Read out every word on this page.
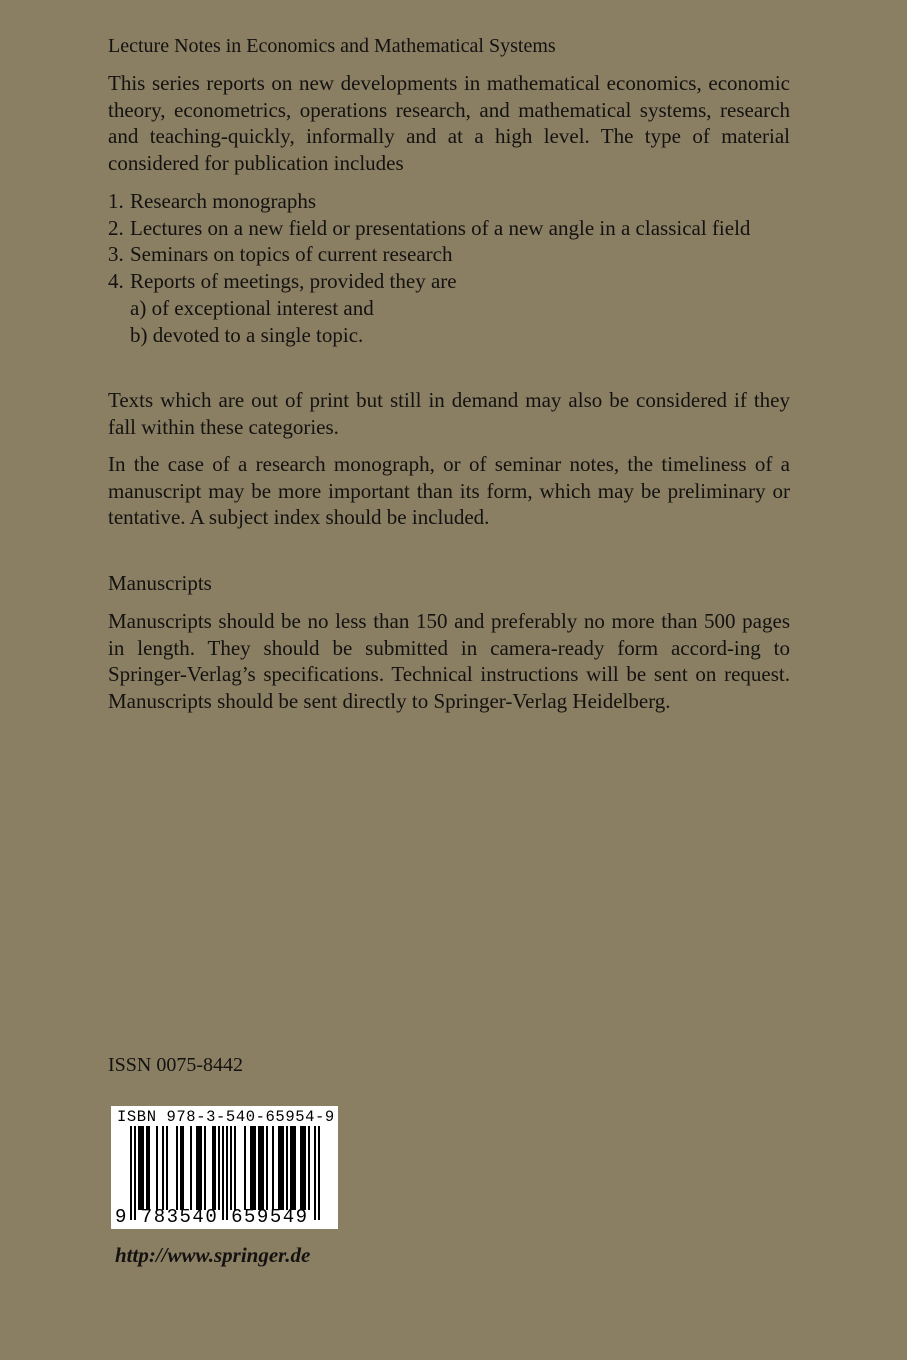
Lecture Notes in Economics and Mathematical Systems
This series reports on new developments in mathematical economics, economic theory, econometrics, operations research, and mathematical systems, research and teaching-quickly, informally and at a high level. The type of material considered for publication includes
1. Research monographs
2. Lectures on a new field or presentations of a new angle in a classical field
3. Seminars on topics of current research
4. Reports of meetings, provided they are
a) of exceptional interest and
b) devoted to a single topic.
Texts which are out of print but still in demand may also be considered if they fall within these categories.
In the case of a research monograph, or of seminar notes, the timeliness of a manuscript may be more important than its form, which may be preliminary or tentative. A subject index should be included.
Manuscripts
Manuscripts should be no less than 150 and preferably no more than 500 pages in length. They should be submitted in camera-ready form accord-ing to Springer-Verlag’s specifications. Technical instructions will be sent on request. Manuscripts should be sent directly to Springer-Verlag Heidelberg.
ISSN 0075-8442
ISBN 978-3-540-65954-9
9 783540 659549
http://www.springer.de
